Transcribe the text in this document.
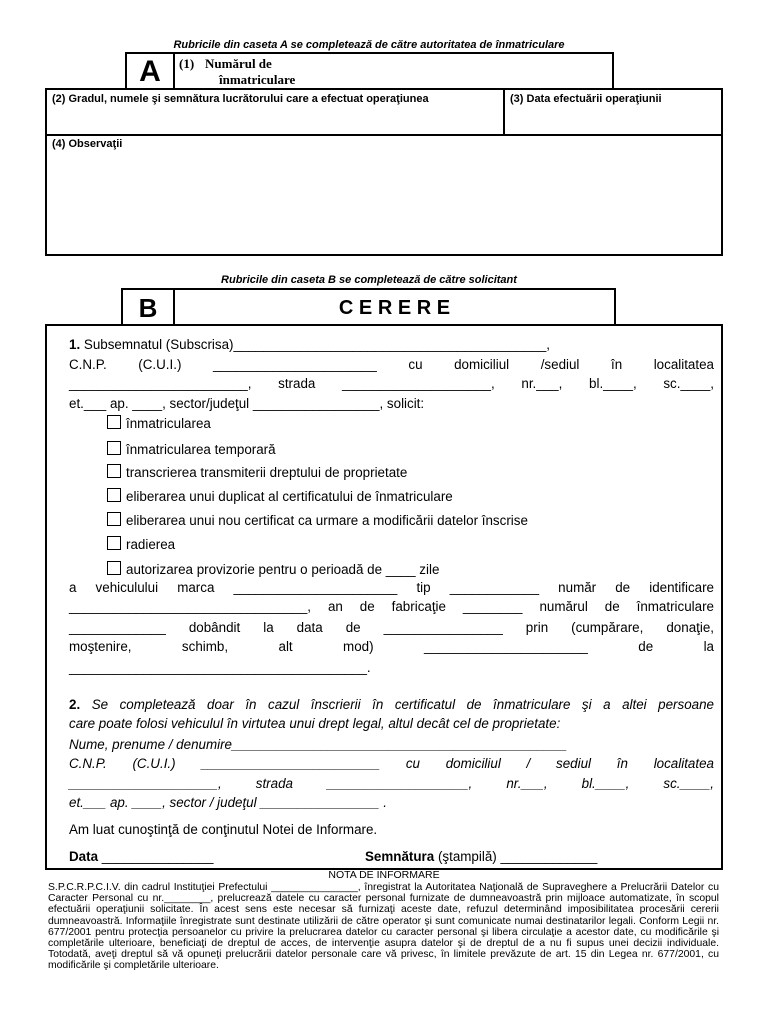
Rubricile din caseta A se completează de către autoritatea de înmatriculare
A	(1) Numărul de
înmatriculare
(2) Gradul, numele şi semnătura lucrătorului care a efectuat operaţiunea	(3) Data efectuării operaţiunii
(4) Observaţii
Rubricile din caseta B se completează de către solicitant
B	C E R E R E
1. Subsemnatul (Subscrisa)__________________________________________,
C.N.P. (C.U.I.) ______________________ cu domiciliul /sediul în localitatea
________________________, strada ____________________, nr.___, bl.____, sc.____,
et.___ ap. ____, sector/judeţul _________________, solicit:
înmatricularea
înmatricularea temporară
transcrierea transmiterii dreptului de proprietate
eliberarea unui duplicat al certificatului de înmatriculare
eliberarea unui nou certificat ca urmare a modificării datelor înscrise
radierea
autorizarea provizorie pentru o perioadă de ____ zile
a vehiculului marca ______________________ tip ____________ număr de identificare
________________________________, an de fabricaţie ________ numărul de înmatriculare
_____________ dobândit la data de ________________ prin (cumpărare, donaţie,
moştenire, schimb, alt mod) ______________________ de la
________________________________________.
2. Se completează doar în cazul înscrierii în certificatul de înmatriculare şi a altei persoane
care poate folosi vehiculul în virtutea unui drept legal, altul decât cel de proprietate:
Nume, prenume / denumire_____________________________________________
C.N.P. (C.U.I.) ________________________ cu domiciliul / sediul în localitatea
____________________, strada ___________________, nr.___, bl.____, sc.____,
et.___ ap. ____, sector / judeţul ________________ .
Am luat cunoştinţă de conţinutul Notei de Informare.
Data _______________	Semnătura (ştampilă) _____________
NOTA DE INFORMARE
S.P.C.R.P.C.I.V. din cadrul Instituţiei Prefectului _______________, înregistrat la Autoritatea Naţională de Supraveghere a Prelucrării Datelor cu Caracter Personal cu nr.________, prelucrează datele cu caracter personal furnizate de dumneavoastră prin mijloace automatizate, în scopul efectuării operaţiunii solicitate. În acest sens este necesar să furnizaţi aceste date, refuzul determinând imposibilitatea procesării cererii dumneavoastră. Informaţiile înregistrate sunt destinate utilizării de către operator şi sunt comunicate numai destinatarilor legali. Conform Legii nr. 677/2001 pentru protecţia persoanelor cu privire la prelucrarea datelor cu caracter personal şi libera circulaţie a acestor date, cu modificările şi completările ulterioare, beneficiaţi de dreptul de acces, de intervenţie asupra datelor şi de dreptul de a nu fi supus unei decizii individuale. Totodată, aveţi dreptul să vă opuneţi prelucrării datelor personale care vă privesc, în limitele prevăzute de art. 15 din Legea nr. 677/2001, cu modificările şi completările ulterioare.
